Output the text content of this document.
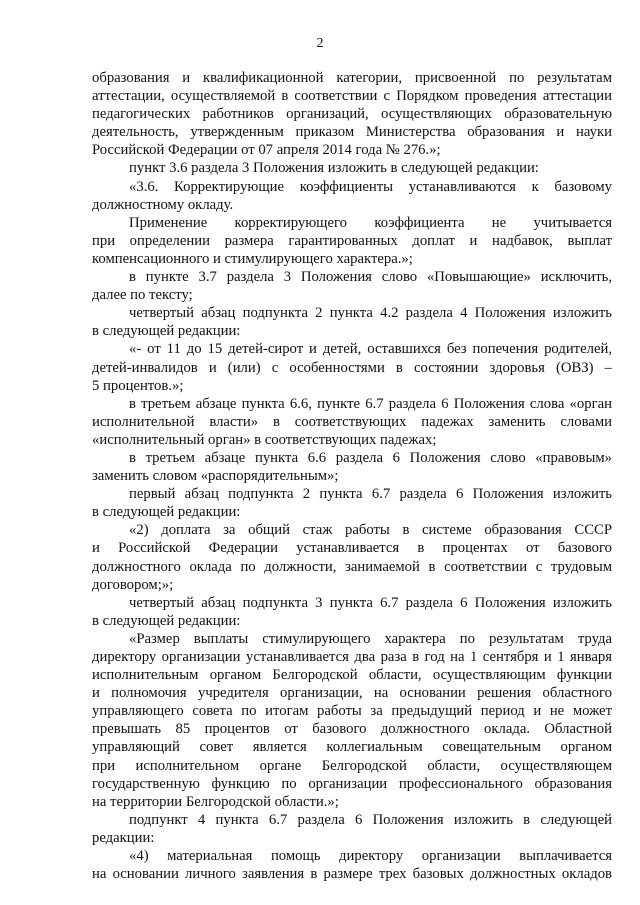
2

образования и квалификационной категории, присвоенной по результатам

аттестации, осуществляемой в соответствии с Порядком проведения аттестации

педагогических работников организаций, осуществляющих образовательную

деятельность, утвержденным приказом Министерства образования и науки

Российской Федерации от 07 апреля 2014 года № 276.»;

пункт 3.6 раздела 3 Положения изложить в следующей редакции:

«3.6. Корректирующие коэффициенты устанавливаются к базовому

должностному окладу.

Применение корректирующего коэффициента не учитывается

при определении размера гарантированных доплат и надбавок, выплат

компенсационного и стимулирующего характера.»;

в пункте 3.7 раздела 3 Положения слово «Повышающие» исключить,

далее по тексту;

четвертый абзац подпункта 2 пункта 4.2 раздела 4 Положения изложить

в следующей редакции:

«- от 11 до 15 детей-сирот и детей, оставшихся без попечения родителей,

детей-инвалидов и (или) с особенностями в состоянии здоровья (ОВЗ) –

5 процентов.»;

в третьем абзаце пункта 6.6, пункте 6.7 раздела 6 Положения слова «орган

исполнительной власти» в соответствующих падежах заменить словами

«исполнительный орган» в соответствующих падежах;

в третьем абзаце пункта 6.6 раздела 6 Положения слово «правовым»

заменить словом «распорядительным»;

первый абзац подпункта 2 пункта 6.7 раздела 6 Положения изложить

в следующей редакции:

«2) доплата за общий стаж работы в системе образования СССР

и Российской Федерации устанавливается в процентах от базового

должностного оклада по должности, занимаемой в соответствии с трудовым

договором;»;

четвертый абзац подпункта 3 пункта 6.7 раздела 6 Положения изложить

в следующей редакции:

«Размер выплаты стимулирующего характера по результатам труда

директору организации устанавливается два раза в год на 1 сентября и 1 января

исполнительным органом Белгородской области, осуществляющим функции

и полномочия учредителя организации, на основании решения областного

управляющего совета по итогам работы за предыдущий период и не может

превышать 85 процентов от базового должностного оклада. Областной

управляющий совет является коллегиальным совещательным органом

при исполнительном органе Белгородской области, осуществляющем

государственную функцию по организации профессионального образования

на территории Белгородской области.»;

подпункт 4 пункта 6.7 раздела 6 Положения изложить в следующей

редакции:

«4) материальная помощь директору организации выплачивается

на основании личного заявления в размере трех базовых должностных окладов
